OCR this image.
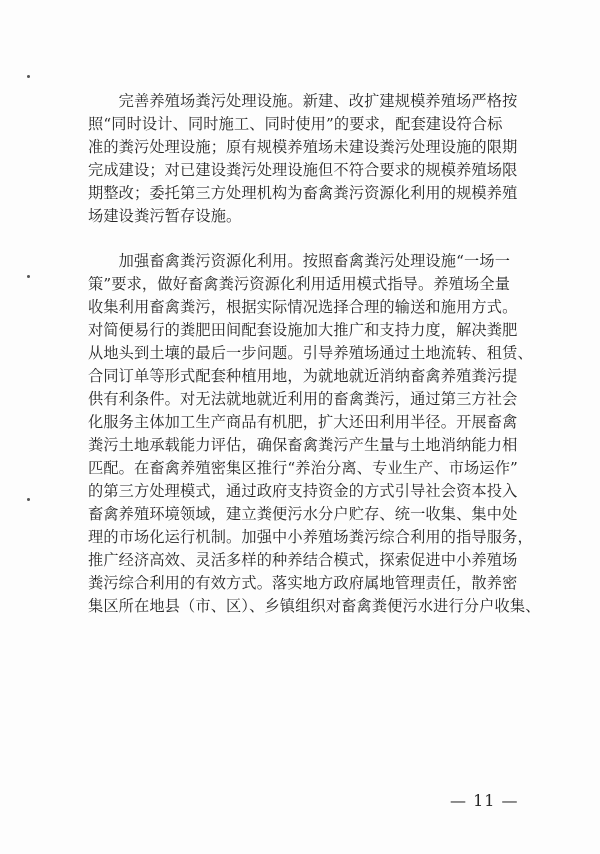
　　完善养殖场粪污处理设施。新建、改扩建规模养殖场严格按
照“同时设计、同时施工、同时使用”的要求，配套建设符合标
准的粪污处理设施；原有规模养殖场未建设粪污处理设施的限期
完成建设；对已建设粪污处理设施但不符合要求的规模养殖场限
期整改；委托第三方处理机构为畜禽粪污资源化利用的规模养殖
场建设粪污暂存设施。
　　加强畜禽粪污资源化利用。按照畜禽粪污处理设施“一场一
策”要求，做好畜禽粪污资源化利用适用模式指导。养殖场全量
收集利用畜禽粪污，根据实际情况选择合理的输送和施用方式。
对简便易行的粪肥田间配套设施加大推广和支持力度，解决粪肥
从地头到土壤的最后一步问题。引导养殖场通过土地流转、租赁、
合同订单等形式配套种植用地，为就地就近消纳畜禽养殖粪污提
供有利条件。对无法就地就近利用的畜禽粪污，通过第三方社会
化服务主体加工生产商品有机肥，扩大还田利用半径。开展畜禽
粪污土地承载能力评估，确保畜禽粪污产生量与土地消纳能力相
匹配。在畜禽养殖密集区推行“养治分离、专业生产、市场运作”
的第三方处理模式，通过政府支持资金的方式引导社会资本投入
畜禽养殖环境领域，建立粪便污水分户贮存、统一收集、集中处
理的市场化运行机制。加强中小养殖场粪污综合利用的指导服务，
推广经济高效、灵活多样的种养结合模式，探索促进中小养殖场
粪污综合利用的有效方式。落实地方政府属地管理责任，散养密
集区所在地县（市、区）、乡镇组织对畜禽粪便污水进行分户收集、
— 11 —
